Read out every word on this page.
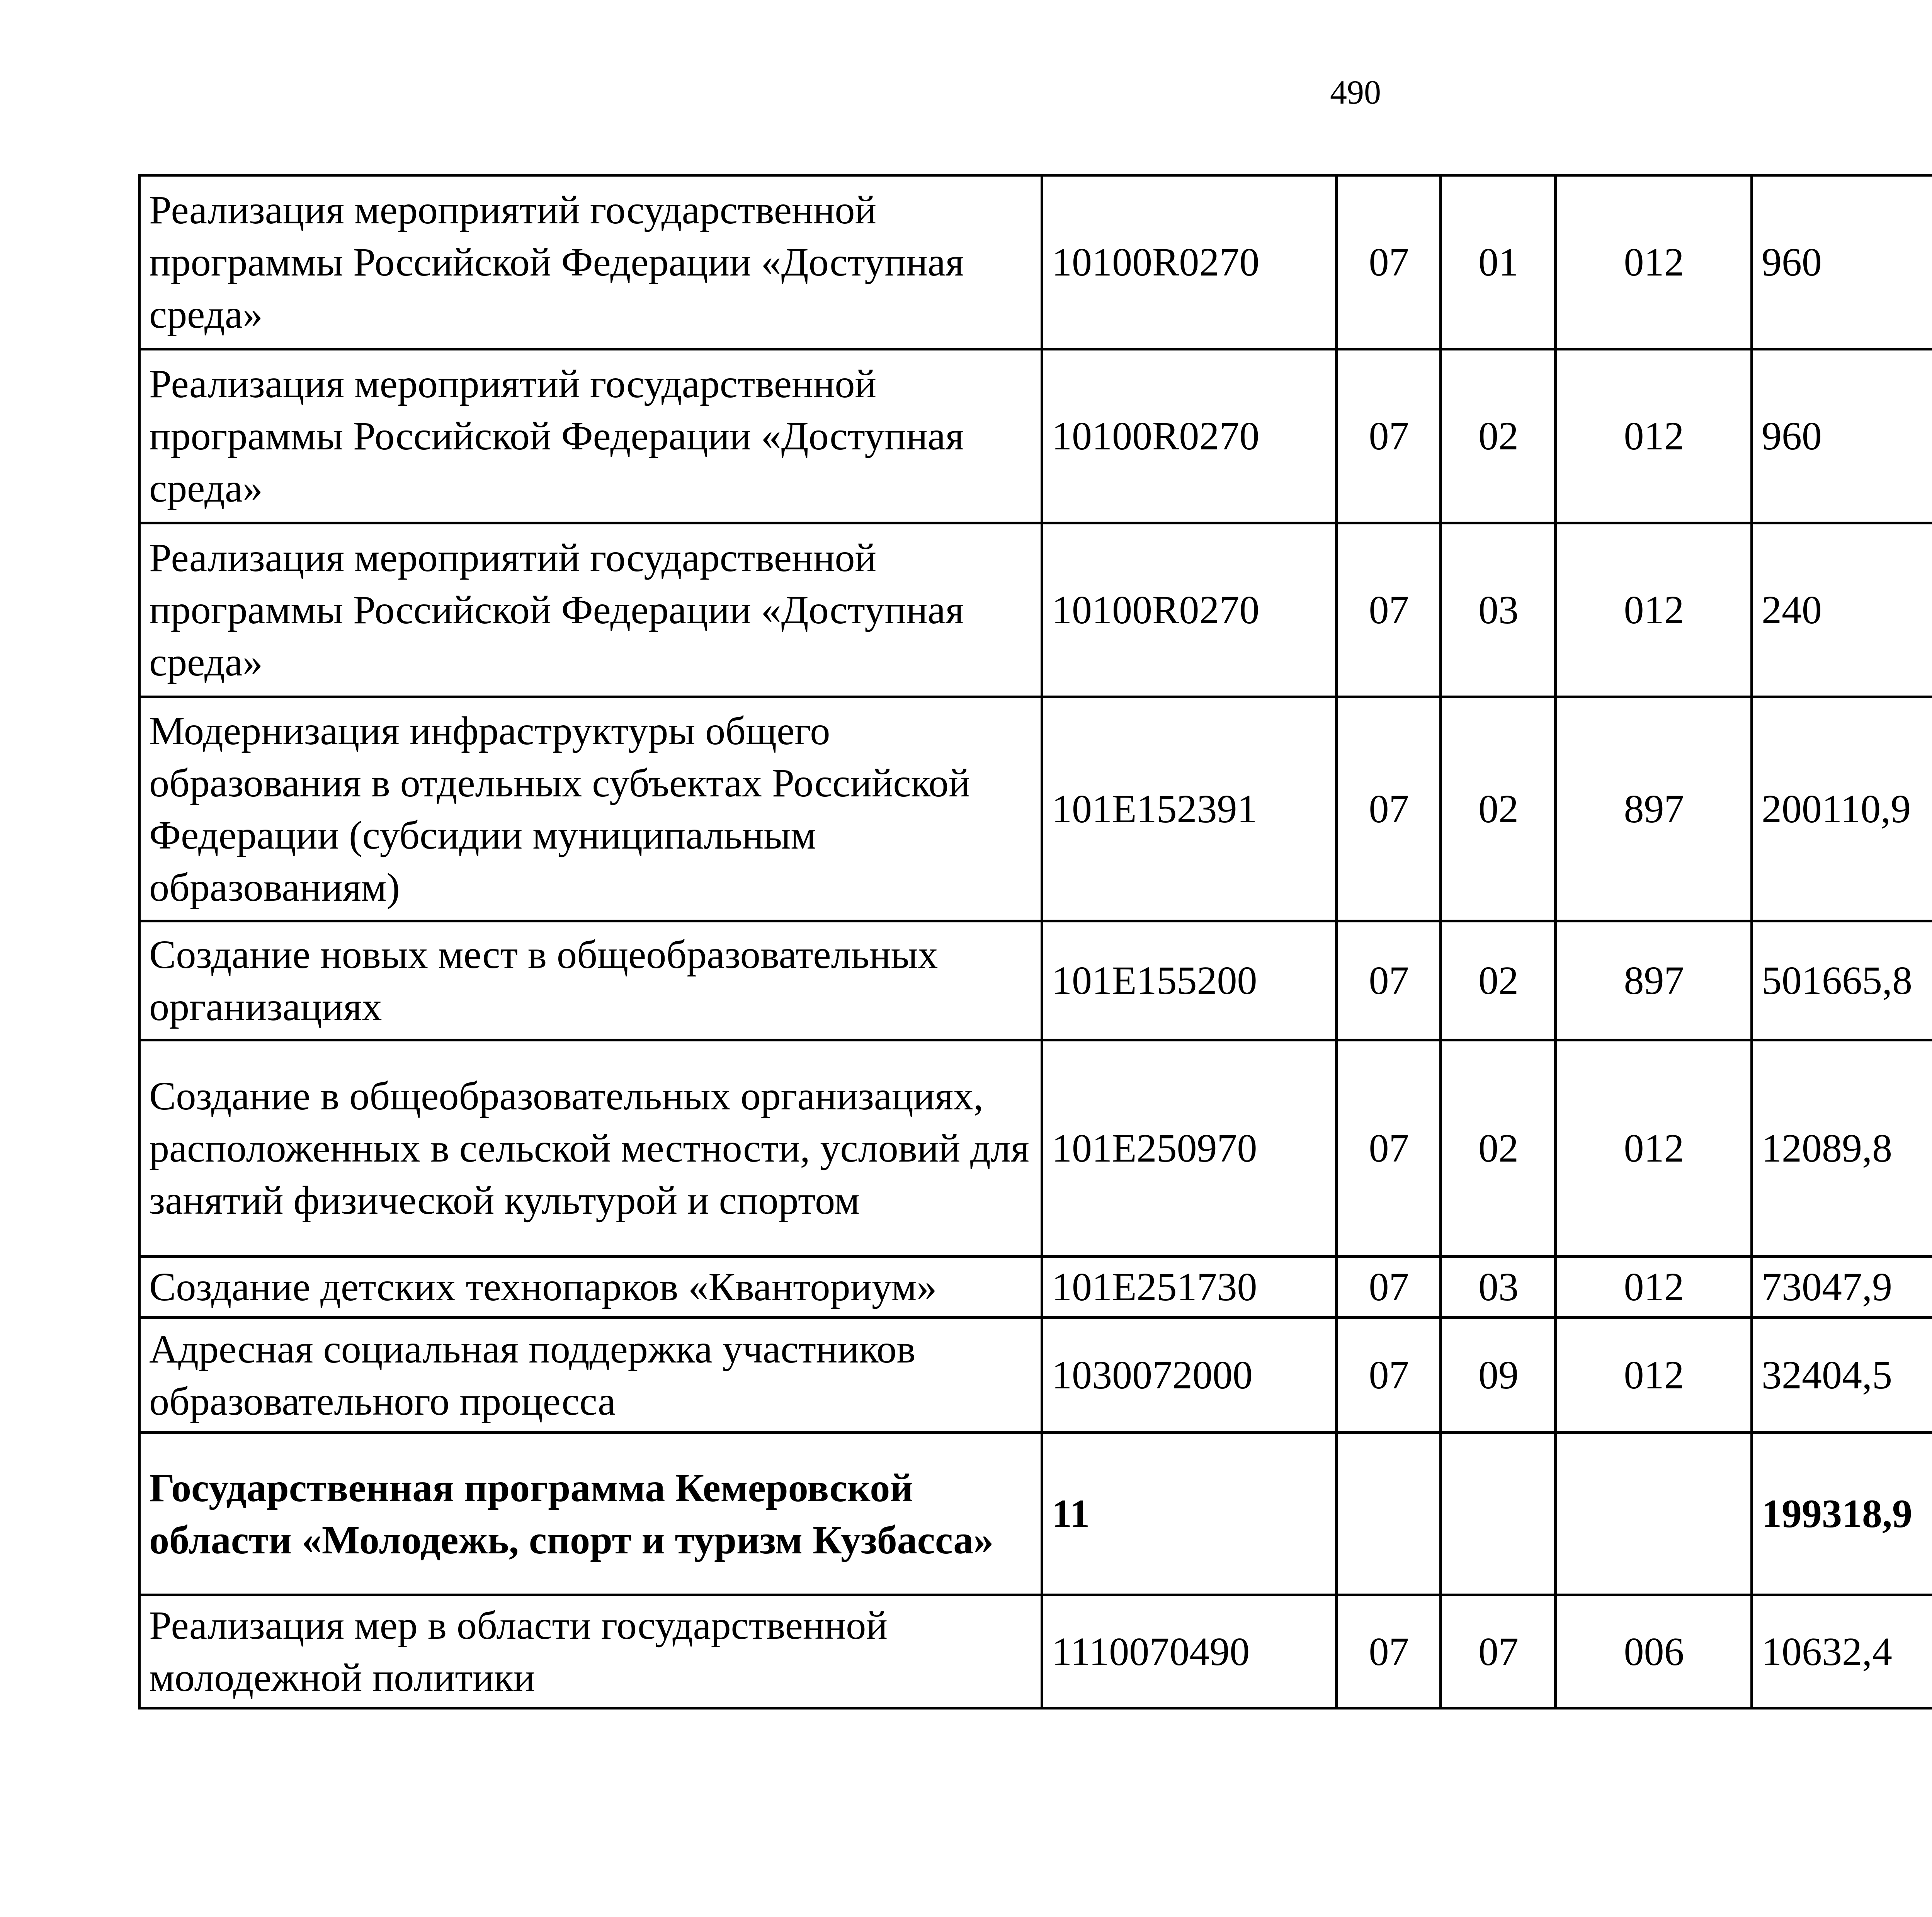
490
Реализация мероприятий государственной программы Российской Федерации «Доступная среда»	10100R0270	07	01	012	960		
Реализация мероприятий государственной программы Российской Федерации «Доступная среда»	10100R0270	07	02	012	960		
Реализация мероприятий государственной программы Российской Федерации «Доступная среда»	10100R0270	07	03	012	240		
Модернизация инфраструктуры общего образования в отдельных субъектах Российской Федерации (субсидии муниципальным образованиям)	101E152391	07	02	897	200110,9		
Создание новых мест в общеобразовательных организациях	101E155200	07	02	897	501665,8		
Создание в общеобразовательных организациях, расположенных в сельской местности, условий для занятий физической культурой и спортом	101E250970	07	02	012	12089,8		
Создание детских технопарков «Кванториум»	101E251730	07	03	012	73047,9		
Адресная социальная поддержка участников образовательного процесса	1030072000	07	09	012	32404,5		
Государственная программа Кемеровской области «Молодежь, спорт и туризм Кузбасса»	11				199318,9		
Реализация мер в области государственной молодежной политики	1110070490	07	07	006	10632,4		
